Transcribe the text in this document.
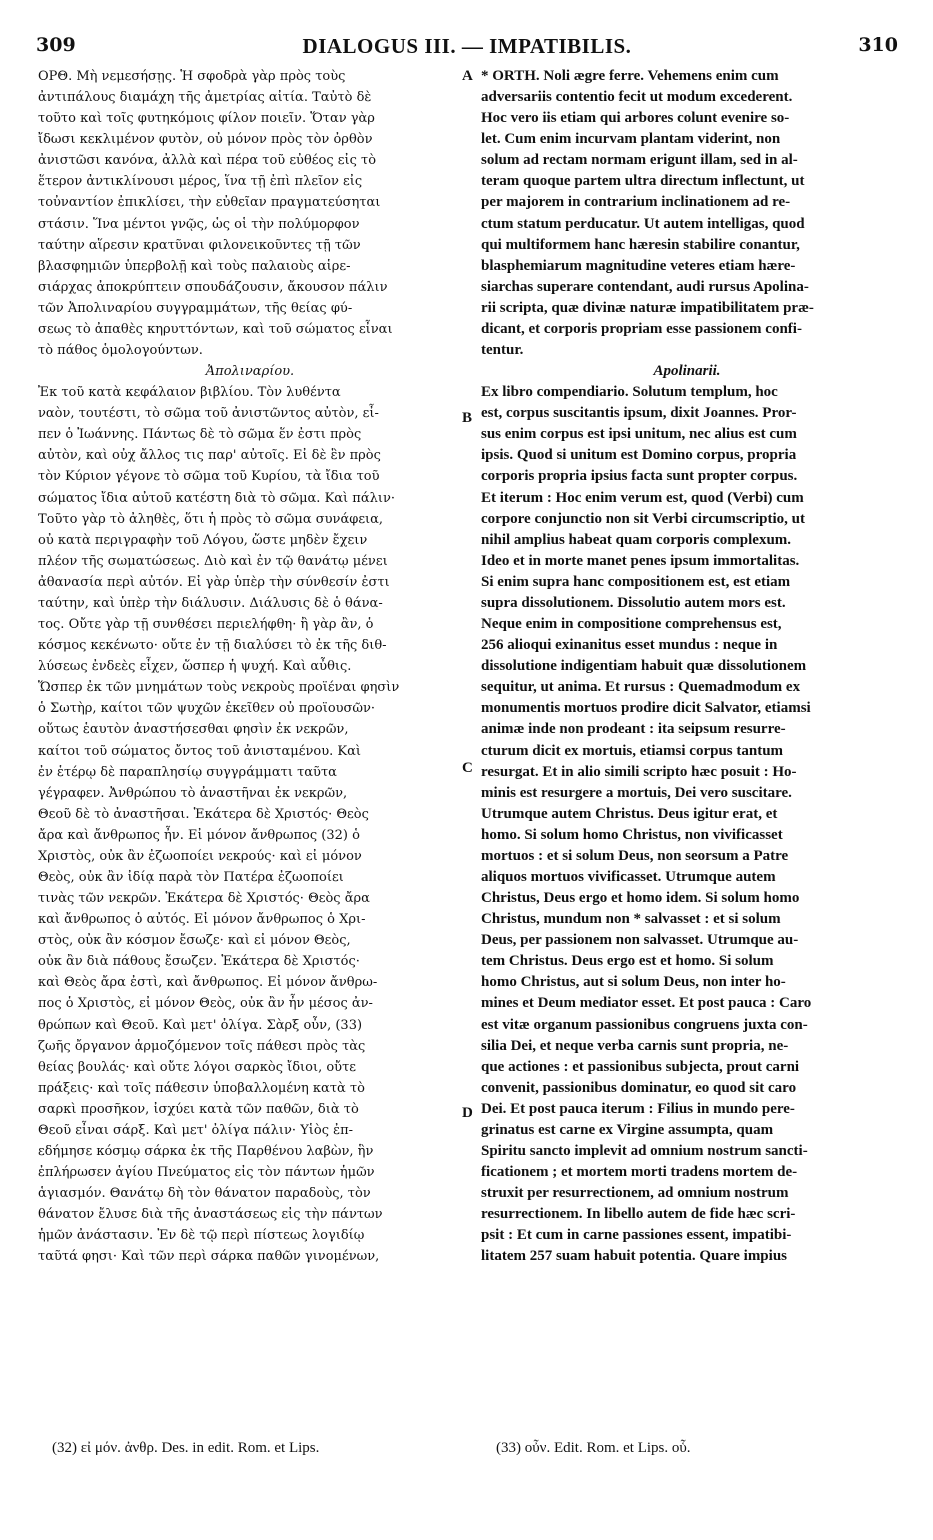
309	DIALOGUS III. — IMPATIBILIS.	310
ΟΡΘ. Μὴ νεμεσήσῃς. Ἡ σφοδρὰ γὰρ πρὸς τοὺς
ἀντιπάλους διαμάχη τῆς ἀμετρίας αἰτία. Ταὐτὸ δὲ
τοῦτο καὶ τοῖς φυτηκόμοις φίλον ποιεῖν. Ὅταν γὰρ
ἴδωσι κεκλιμένον φυτὸν, οὐ μόνον πρὸς τὸν ὀρθὸν
ἀνιστῶσι κανόνα, ἀλλὰ καὶ πέρα τοῦ εὐθέος εἰς τὸ
ἕτερον ἀντικλίνουσι μέρος, ἵνα τῇ ἐπὶ πλεῖον εἰς
τοὐναντίον ἐπικλίσει, τὴν εὐθεῖαν πραγματεύσηται
στάσιν. Ἵνα μέντοι γνῷς, ὡς οἱ τὴν πολύμορφον
ταύτην αἵρεσιν κρατῦναι φιλονεικοῦντες τῇ τῶν
βλασφημιῶν ὑπερβολῇ καὶ τοὺς παλαιοὺς αἱρε-
σιάρχας ἀποκρύπτειν σπουδάζουσιν, ἄκουσον πάλιν
τῶν Ἀπολιναρίου συγγραμμάτων, τῆς θείας φύ-
σεως τὸ ἀπαθὲς κηρυττόντων, καὶ τοῦ σώματος εἶναι
τὸ πάθος ὁμολογούντων.
Ἀπολιναρίου.
Ἐκ τοῦ κατὰ κεφάλαιον βιβλίου. Τὸν λυθέντα
ναὸν, τουτέστι, τὸ σῶμα τοῦ ἀνιστῶντος αὐτὸν, εἶ-
πεν ὁ Ἰωάννης. Πάντως δὲ τὸ σῶμα ἕν ἐστι πρὸς
αὐτὸν, καὶ οὐχ ἄλλος τις παρ' αὐτοῖς. Εἰ δὲ ἓν πρὸς
τὸν Κύριον γέγονε τὸ σῶμα τοῦ Κυρίου, τὰ ἴδια τοῦ
σώματος ἴδια αὐτοῦ κατέστη διὰ τὸ σῶμα. Καὶ πάλιν·
Τοῦτο γὰρ τὸ ἀληθὲς, ὅτι ἡ πρὸς τὸ σῶμα συνάφεια,
οὐ κατὰ περιγραφὴν τοῦ Λόγου, ὥστε μηδὲν ἔχειν
πλέον τῆς σωματώσεως. Διὸ καὶ ἐν τῷ θανάτῳ μένει
ἀθανασία περὶ αὐτόν. Εἰ γὰρ ὑπὲρ τὴν σύνθεσίν ἐστι
ταύτην, καὶ ὑπὲρ τὴν διάλυσιν. Διάλυσις δὲ ὁ θάνα-
τος. Οὔτε γὰρ τῇ συνθέσει περιελήφθη· ἢ γὰρ ἂν, ὁ
κόσμος κεκένωτο· οὔτε ἐν τῇ διαλύσει τὸ ἐκ τῆς διθ-
λύσεως ἐνδεὲς εἶχεν, ὥσπερ ἡ ψυχή. Καὶ αὖθις.
Ὥσπερ ἐκ τῶν μνημάτων τοὺς νεκροὺς προϊέναι φησὶν
ὁ Σωτὴρ, καίτοι τῶν ψυχῶν ἐκεῖθεν οὐ προϊουσῶν·
οὕτως ἑαυτὸν ἀναστήσεσθαι φησὶν ἐκ νεκρῶν,
καίτοι τοῦ σώματος ὄντος τοῦ ἀνισταμένου. Καὶ
ἐν ἑτέρῳ δὲ παραπλησίῳ συγγράμματι ταῦτα
γέγραφεν. Ἀνθρώπου τὸ ἀναστῆναι ἐκ νεκρῶν,
Θεοῦ δὲ τὸ ἀναστῆσαι. Ἑκάτερα δὲ Χριστός· Θεὸς
ἄρα καὶ ἄνθρωπος ἦν. Εἰ μόνον ἄνθρωπος (32) ὁ
Χριστὸς, οὐκ ἂν ἐζωοποίει νεκρούς· καὶ εἰ μόνον
Θεὸς, οὐκ ἂν ἰδίᾳ παρὰ τὸν Πατέρα ἐζωοποίει
τινὰς τῶν νεκρῶν. Ἑκάτερα δὲ Χριστός· Θεὸς ἄρα
καὶ ἄνθρωπος ὁ αὐτός. Εἰ μόνον ἄνθρωπος ὁ Χρι-
στὸς, οὐκ ἂν κόσμον ἔσωζε· καὶ εἰ μόνον Θεὸς,
οὐκ ἂν διὰ πάθους ἔσωζεν. Ἑκάτερα δὲ Χριστός·
καὶ Θεὸς ἄρα ἐστὶ, καὶ ἄνθρωπος. Εἰ μόνον ἄνθρω-
πος ὁ Χριστὸς, εἰ μόνον Θεὸς, οὐκ ἂν ἦν μέσος ἀν-
θρώπων καὶ Θεοῦ. Καὶ μετ' ὀλίγα. Σὰρξ οὖν, (33)
ζωῆς ὄργανον ἁρμοζόμενον τοῖς πάθεσι πρὸς τὰς
θείας βουλάς· καὶ οὔτε λόγοι σαρκὸς ἴδιοι, οὔτε
πράξεις· καὶ τοῖς πάθεσιν ὑποβαλλομένη κατὰ τὸ
σαρκὶ προσῆκον, ἰσχύει κατὰ τῶν παθῶν, διὰ τὸ
Θεοῦ εἶναι σάρξ. Καὶ μετ' ὀλίγα πάλιν· Υἱὸς ἐπ-
εδήμησε κόσμῳ σάρκα ἐκ τῆς Παρθένου λαβὼν, ἣν
ἐπλήρωσεν ἁγίου Πνεύματος εἰς τὸν πάντων ἡμῶν
ἁγιασμόν. Θανάτῳ δὴ τὸν θάνατον παραδοὺς, τὸν
θάνατον ἔλυσε διὰ τῆς ἀναστάσεως εἰς τὴν πάντων
ἡμῶν ἀνάστασιν. Ἐν δὲ τῷ περὶ πίστεως λογιδίῳ
ταῦτά φησι· Καὶ τῶν περὶ σάρκα παθῶν γινομένων,
* ORTH. Noli ægre ferre. Vehemens enim cum
adversariis contentio fecit ut modum excederent.
Hoc vero iis etiam qui arbores colunt evenire so-
let. Cum enim incurvam plantam viderint, non
solum ad rectam normam erigunt illam, sed in al-
teram quoque partem ultra directum inflectunt, ut
per majorem in contrarium inclinationem ad re-
ctum statum perducatur. Ut autem intelligas, quod
qui multiformem hanc hæresin stabilire conantur,
blasphemiarum magnitudine veteres etiam hære-
siarchas superare contendant, audi rursus Apolina-
rii scripta, quæ divinæ naturæ impatibilitatem præ-
dicant, et corporis propriam esse passionem confi-
tentur.
Apolinarii.
Ex libro compendiario. Solutum templum, hoc
est, corpus suscitantis ipsum, dixit Joannes. Pror-
sus enim corpus est ipsi unitum, nec alius est cum
ipsis. Quod si unitum est Domino corpus, propria
corporis propria ipsius facta sunt propter corpus.
Et iterum : Hoc enim verum est, quod (Verbi) cum
corpore conjunctio non sit Verbi circumscriptio, ut
nihil amplius habeat quam corporis complexum.
Ideo et in morte manet penes ipsum immortalitas.
Si enim supra hanc compositionem est, est etiam
supra dissolutionem. Dissolutio autem mors est.
Neque enim in compositione comprehensus est,
256 alioqui exinanitus esset mundus : neque in
dissolutione indigentiam habuit quæ dissolutionem
sequitur, ut anima. Et rursus : Quemadmodum ex
monumentis mortuos prodire dicit Salvator, etiamsi
animæ inde non prodeant : ita seipsum resurre-
cturum dicit ex mortuis, etiamsi corpus tantum
resurgat. Et in alio simili scripto hæc posuit : Ho-
minis est resurgere a mortuis, Dei vero suscitare.
Utrumque autem Christus. Deus igitur erat, et
homo. Si solum homo Christus, non vivificasset
mortuos : et si solum Deus, non seorsum a Patre
aliquos mortuos vivificasset. Utrumque autem
Christus, Deus ergo et homo idem. Si solum homo
Christus, mundum non * salvasset : et si solum
Deus, per passionem non salvasset. Utrumque au-
tem Christus. Deus ergo est et homo. Si solum
homo Christus, aut si solum Deus, non inter ho-
mines et Deum mediator esset. Et post pauca : Caro
est vitæ organum passionibus congruens juxta con-
silia Dei, et neque verba carnis sunt propria, ne-
que actiones : et passionibus subjecta, prout carni
convenit, passionibus dominatur, eo quod sit caro
Dei. Et post pauca iterum : Filius in mundo pere-
grinatus est carne ex Virgine assumpta, quam
Spiritu sancto implevit ad omnium nostrum sancti-
ficationem ; et mortem morti tradens mortem de-
struxit per resurrectionem, ad omnium nostrum
resurrectionem. In libello autem de fide hæc scri-
psit : Et cum in carne passiones essent, impatibi-
litatem 257 suam habuit potentia. Quare impius
A
B
C
D
(32) εἰ μόν. ἀνθρ. Des. in edit. Rom. et Lips.	(33) οὖν. Edit. Rom. et Lips. οὗ.
